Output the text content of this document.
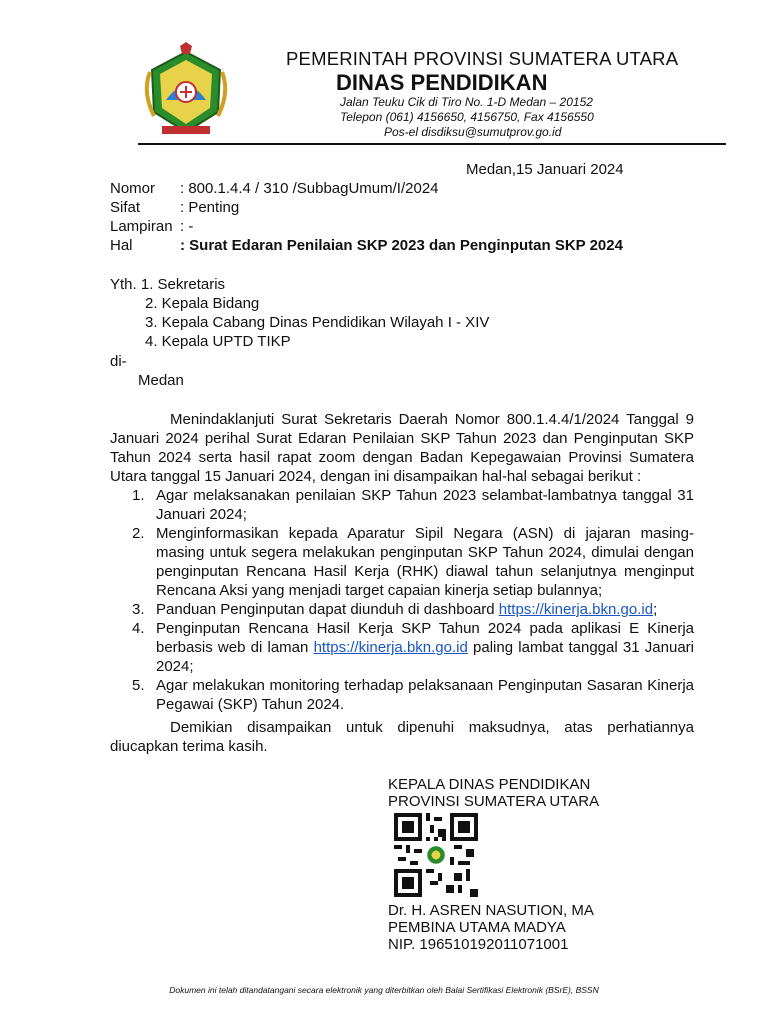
PEMERINTAH PROVINSI SUMATERA UTARA
DINAS PENDIDIKAN
Jalan Teuku Cik di Tiro No. 1-D Medan – 20152
Telepon (061) 4156650, 4156750, Fax 4156550
Pos-el disdiksu@sumutprov.go.id
Medan,15 Januari 2024
Nomor : 800.1.4.4 / 310 /SubbagUmum/I/2024
Sifat	: Penting
Lampiran : -
Hal	: Surat Edaran Penilaian SKP 2023 dan Penginputan SKP 2024
Yth. 1. Sekretaris
2. Kepala Bidang
3. Kepala Cabang Dinas Pendidikan Wilayah I - XIV
4. Kepala UPTD TIKP
di-
Medan
Menindaklanjuti Surat Sekretaris Daerah Nomor 800.1.4.4/1/2024 Tanggal 9 Januari 2024 perihal Surat Edaran Penilaian SKP Tahun 2023 dan Penginputan SKP Tahun 2024 serta hasil rapat zoom dengan Badan Kepegawaian Provinsi Sumatera Utara tanggal 15 Januari 2024, dengan ini disampaikan hal-hal sebagai berikut :

1. Agar melaksanakan penilaian SKP Tahun 2023 selambat-lambatnya tanggal 31 Januari 2024;

2. Menginformasikan kepada Aparatur Sipil Negara (ASN) di jajaran masing-masing untuk segera melakukan penginputan SKP Tahun 2024, dimulai dengan penginputan Rencana Hasil Kerja (RHK) diawal tahun selanjutnya menginput Rencana Aksi yang menjadi target capaian kinerja setiap bulannya;

3. Panduan Penginputan dapat diunduh di dashboard https://kinerja.bkn.go.id;

4. Penginputan Rencana Hasil Kerja SKP Tahun 2024 pada aplikasi E Kinerja berbasis web di laman https://kinerja.bkn.go.id paling lambat tanggal 31 Januari 2024;

5. Agar melakukan monitoring terhadap pelaksanaan Penginputan Sasaran Kinerja Pegawai (SKP) Tahun 2024.

Demikian disampaikan untuk dipenuhi maksudnya, atas perhatiannya diucapkan terima kasih.
KEPALA DINAS PENDIDIKAN
PROVINSI SUMATERA UTARA
Dr. H. ASREN NASUTION, MA
PEMBINA UTAMA MADYA
NIP. 196510192011071001
Dokumen ini telah ditandatangani secara elektronik yang diterbitkan oleh Balai Sertifikasi Elektronik (BSrE), BSSN
